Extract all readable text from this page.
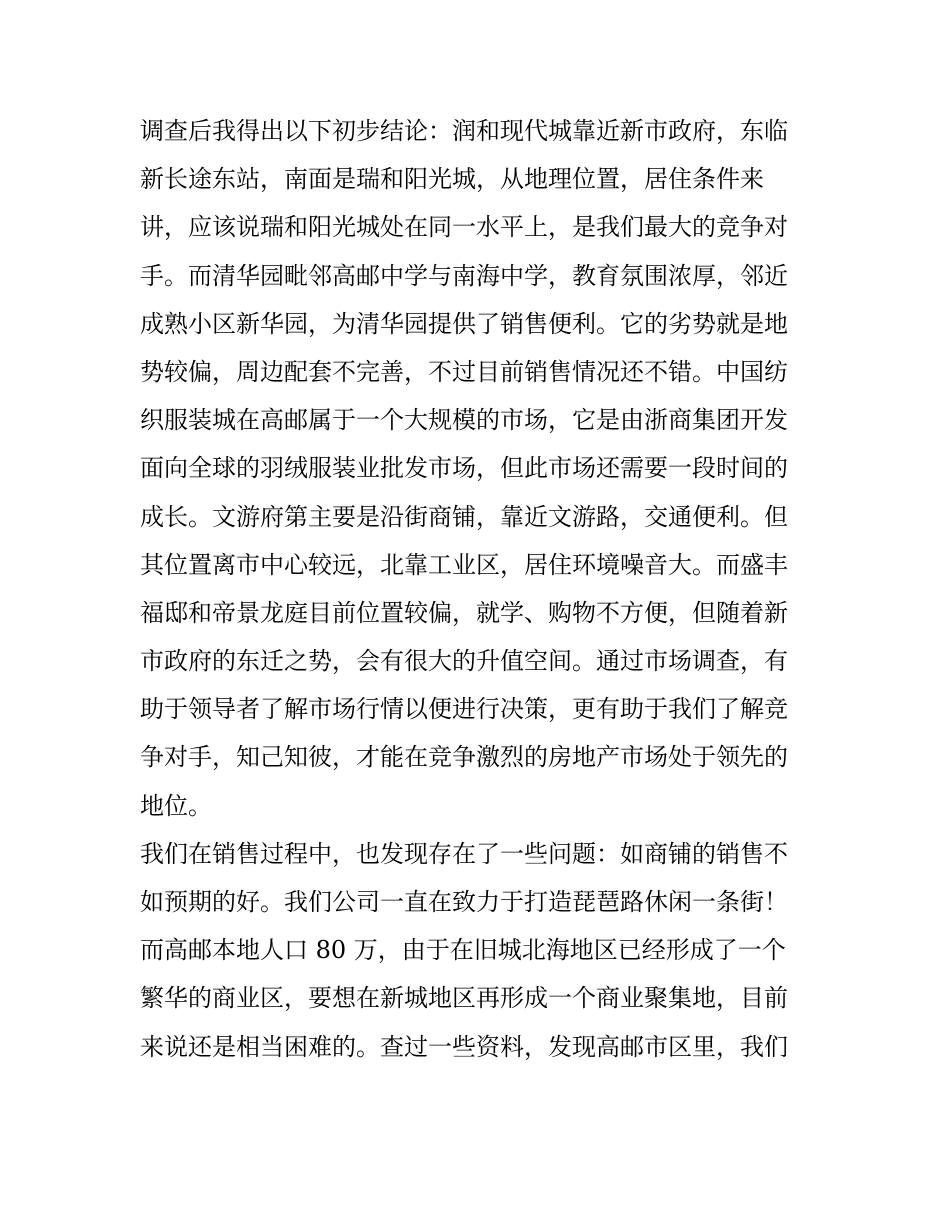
调查后我得出以下初步结论：润和现代城靠近新市政府，东临
新长途东站，南面是瑞和阳光城，从地理位置，居住条件来
讲，应该说瑞和阳光城处在同一水平上，是我们最大的竞争对
手。而清华园毗邻高邮中学与南海中学，教育氛围浓厚，邻近
成熟小区新华园，为清华园提供了销售便利。它的劣势就是地
势较偏，周边配套不完善，不过目前销售情况还不错。中国纺
织服装城在高邮属于一个大规模的市场，它是由浙商集团开发
面向全球的羽绒服装业批发市场，但此市场还需要一段时间的
成长。文游府第主要是沿街商铺，靠近文游路，交通便利。但
其位置离市中心较远，北靠工业区，居住环境噪音大。而盛丰
福邸和帝景龙庭目前位置较偏，就学、购物不方便，但随着新
市政府的东迁之势，会有很大的升值空间。通过市场调查，有
助于领导者了解市场行情以便进行决策，更有助于我们了解竞
争对手，知己知彼，才能在竞争激烈的房地产市场处于领先的
地位。
我们在销售过程中，也发现存在了一些问题：如商铺的销售不
如预期的好。我们公司一直在致力于打造琵琶路休闲一条街！
而高邮本地人口 80 万，由于在旧城北海地区已经形成了一个
繁华的商业区，要想在新城地区再形成一个商业聚集地，目前
来说还是相当困难的。查过一些资料，发现高邮市区里，我们
